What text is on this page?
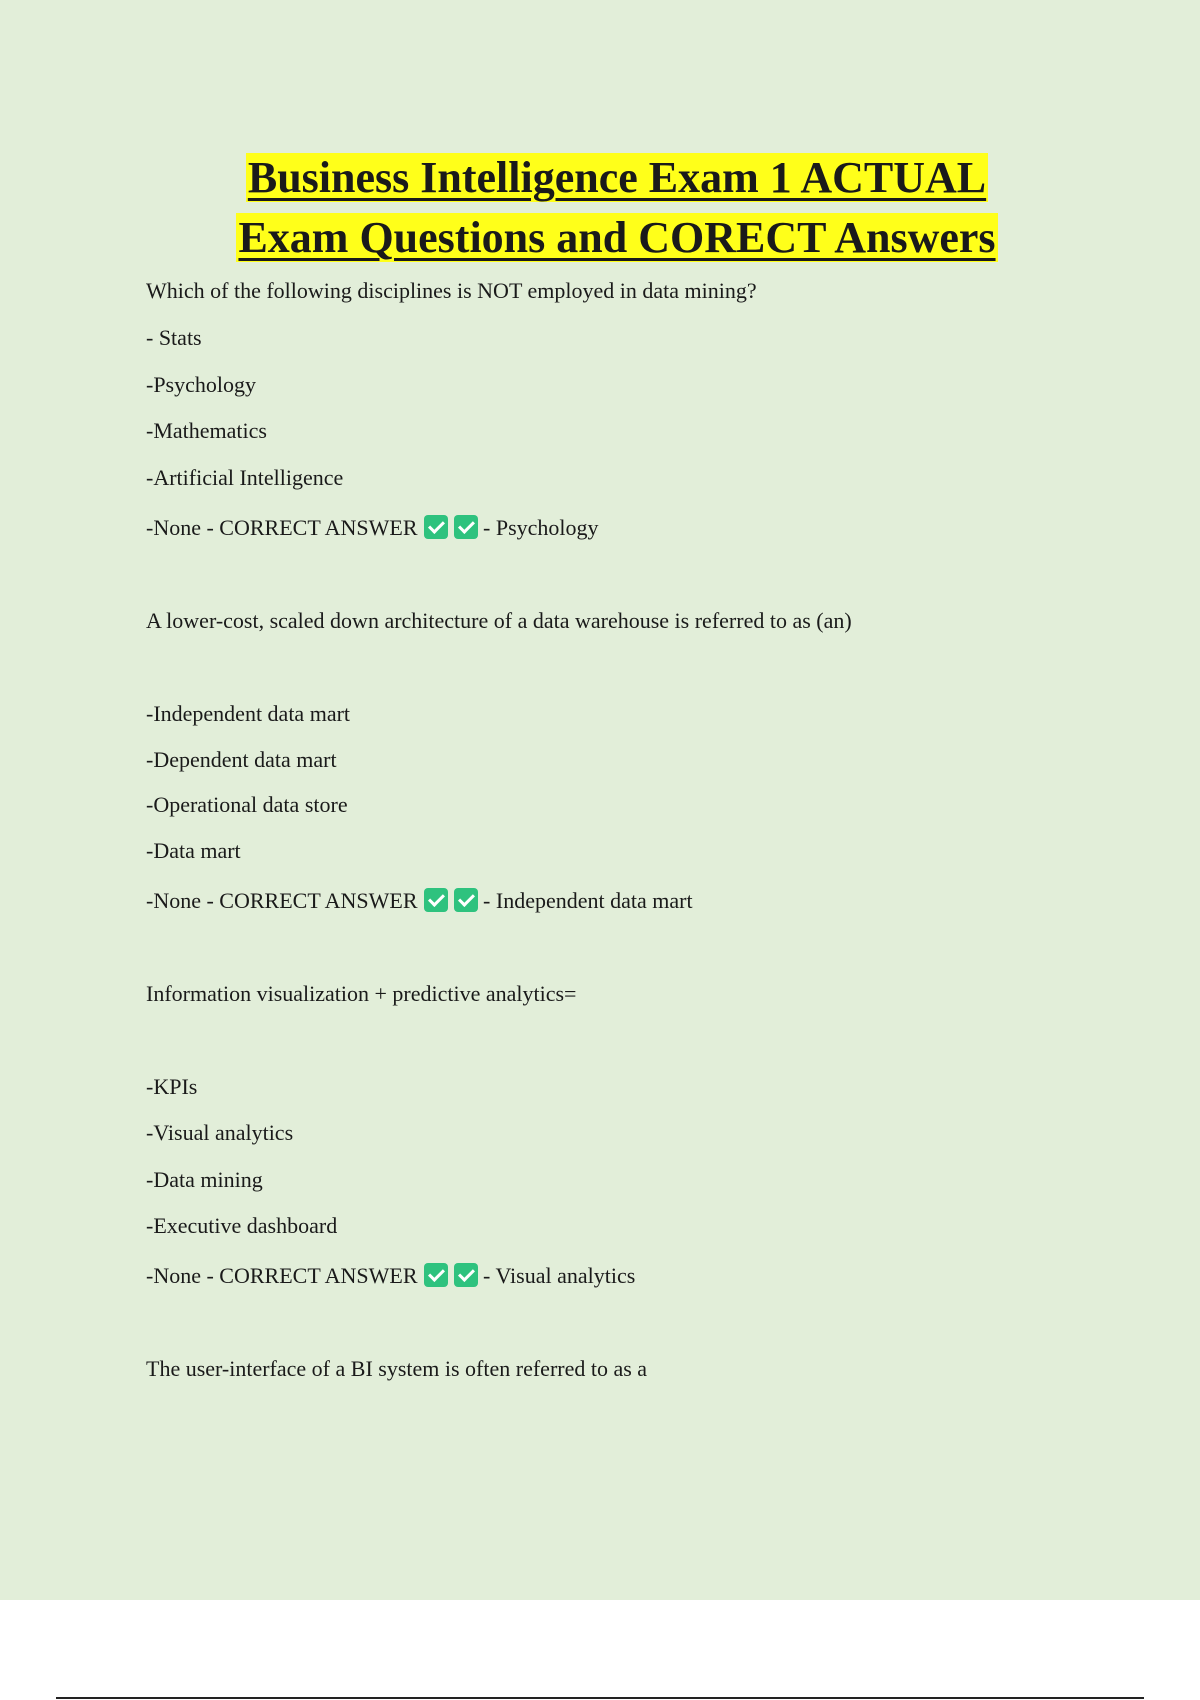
Business Intelligence Exam 1 ACTUAL
Exam Questions and CORECT Answers
Which of the following disciplines is NOT employed in data mining?
- Stats
-Psychology
-Mathematics
-Artificial Intelligence
-None - CORRECT ANSWER	- Psychology
A lower-cost, scaled down architecture of a data warehouse is referred to as (an)
-Independent data mart
-Dependent data mart
-Operational data store
-Data mart
-None - CORRECT ANSWER	- Independent data mart
Information visualization + predictive analytics=
-KPIs
-Visual analytics
-Data mining
-Executive dashboard
-None - CORRECT ANSWER	- Visual analytics
The user-interface of a BI system is often referred to as a
